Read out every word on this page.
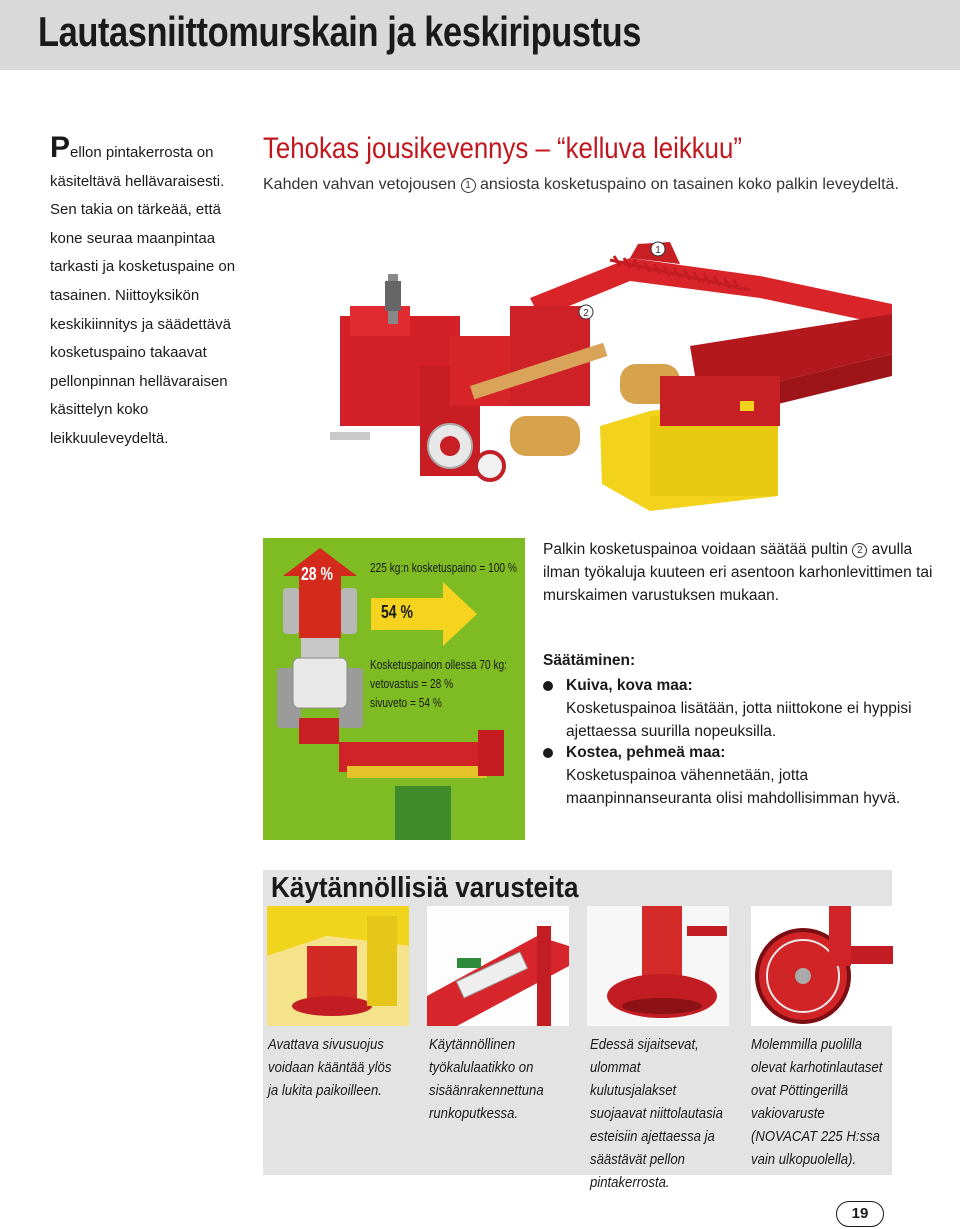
Lautasniittomurskain ja keskiripustus
Pellon pintakerrosta on käsiteltävä hellävaraisesti. Sen takia on tärkeää, että kone seuraa maanpintaa tarkasti ja kosketuspaine on tasainen. Niittoyksikön keskikiinnitys ja säädettävä kosketuspaino takaavat pellonpinnan hellävaraisen käsittelyn koko leikkuuleveydeltä.
Tehokas jousikevennys – “kelluva leikkuu”
Kahden vahvan vetojousen 1 ansiosta kosketuspaino on tasainen koko palkin leveydeltä.
1
2
28 %
54 %
225 kg:n kosketuspaino = 100 %
Kosketuspainon ollessa 70 kg:
vetovastus = 28 %
sivuveto = 54 %
Palkin kosketuspainoa voidaan säätää pultin 2 avulla ilman työkaluja kuuteen eri asentoon karhonlevittimen tai murskaimen varustuksen mukaan.
Säätäminen:
Kuiva, kova maa:
Kosketuspainoa lisätään, jotta niittokone ei hyppisi ajettaessa suurilla nopeuksilla.
Kostea, pehmeä maa:
Kosketuspainoa vähennetään, jotta maanpinnanseuranta olisi mahdollisimman hyvä.
Käytännöllisiä varusteita
Avattava sivusuojus voidaan kääntää ylös ja lukita paikoilleen.
Käytännöllinen työkalulaatikko on sisäänrakennettuna runkoputkessa.
Edessä sijaitsevat, ulommat kulutusjalakset suojaavat niittolautasia esteisiin ajettaessa ja säästävät pellon pintakerrosta.
Molemmilla puolilla olevat karhotinlautaset ovat Pöttingerillä vakiovaruste (NOVACAT 225 H:ssa vain ulkopuolella).
19
